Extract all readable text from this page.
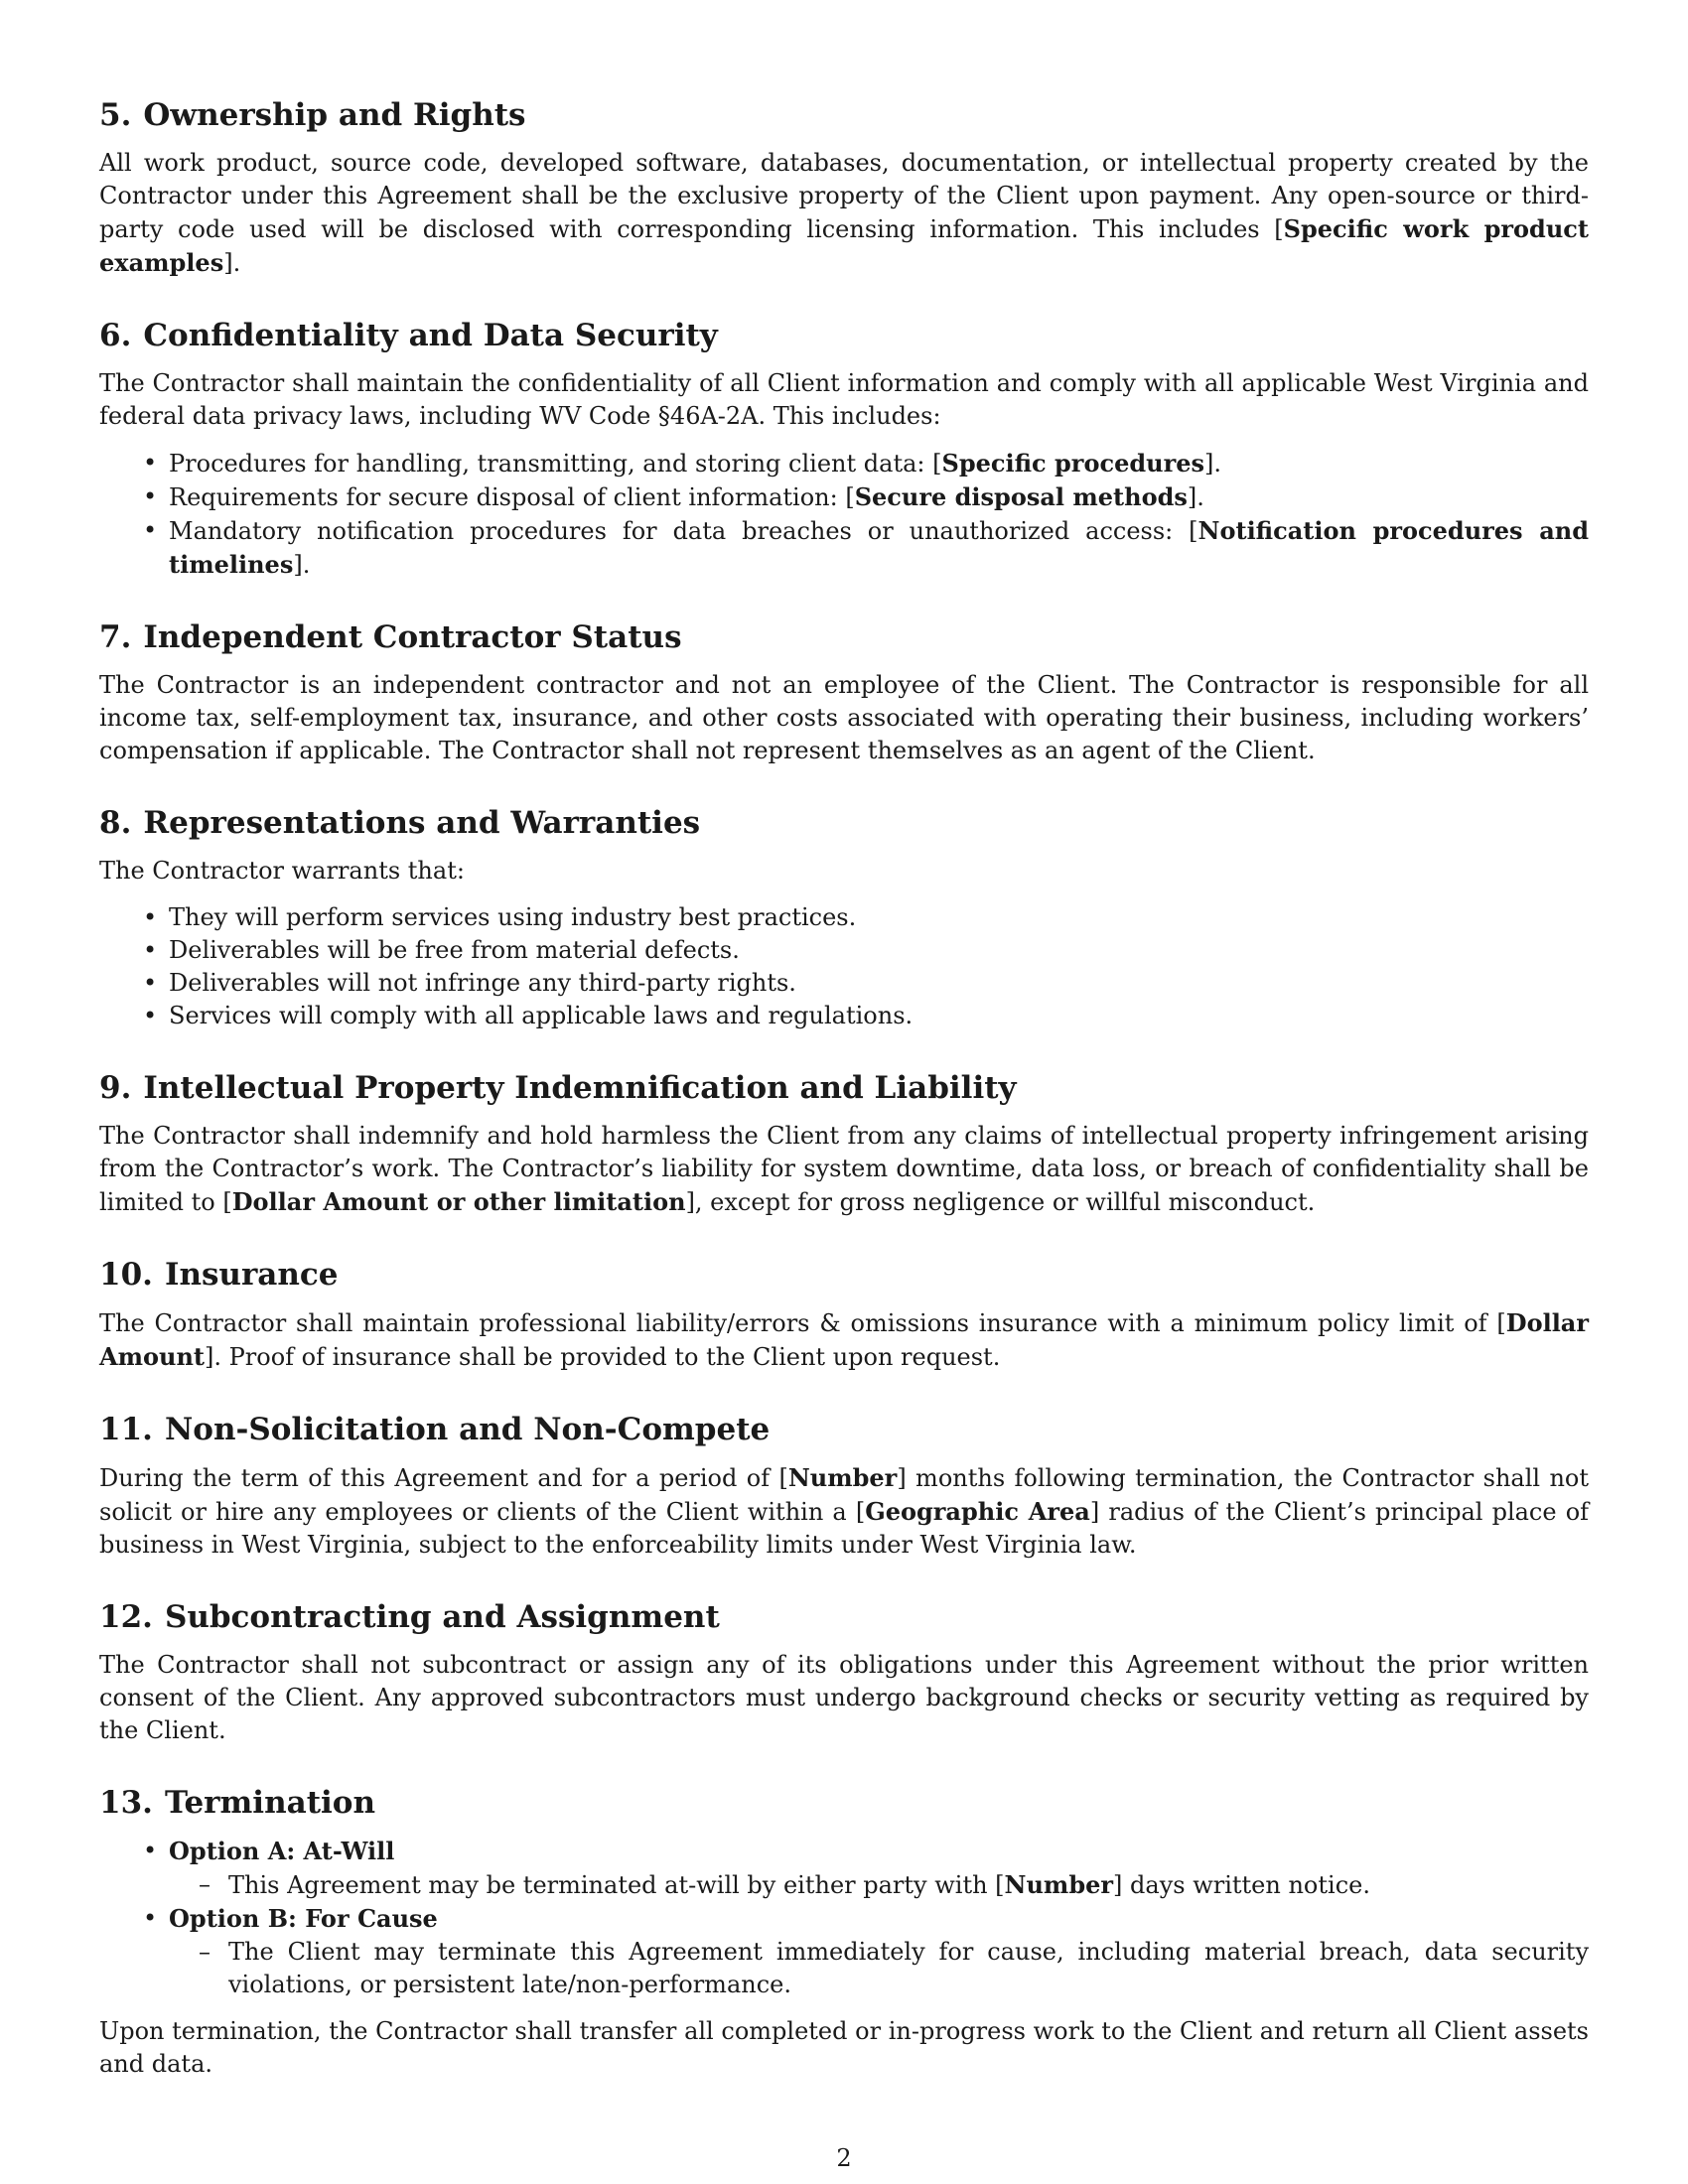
5. Ownership and Rights

All work product, source code, developed software, databases, documentation, or intellectual property created by the Contractor under this Agreement shall be the exclusive property of the Client upon payment. Any open-source or third-party code used will be disclosed with corresponding licensing information. This includes [Specific work product examples].

6. Confidentiality and Data Security

The Contractor shall maintain the confidentiality of all Client information and comply with all applicable West Virginia and federal data privacy laws, including WV Code §46A-2A. This includes:

• Procedures for handling, transmitting, and storing client data: [Specific procedures].
• Requirements for secure disposal of client information: [Secure disposal methods].
• Mandatory notification procedures for data breaches or unauthorized access: [Notification procedures and timelines].
7. Independent Contractor Status

The Contractor is an independent contractor and not an employee of the Client. The Contractor is responsible for all income tax, self-employment tax, insurance, and other costs associated with operating their business, including workers’ compensation if applicable. The Contractor shall not represent themselves as an agent of the Client.

8. Representations and Warranties

The Contractor warrants that:

• They will perform services using industry best practices.
• Deliverables will be free from material defects.
• Deliverables will not infringe any third-party rights.
• Services will comply with all applicable laws and regulations.
9. Intellectual Property Indemnification and Liability

The Contractor shall indemnify and hold harmless the Client from any claims of intellectual property infringement arising from the Contractor’s work. The Contractor’s liability for system downtime, data loss, or breach of confidentiality shall be limited to [Dollar Amount or other limitation], except for gross negligence or willful misconduct.

10. Insurance

The Contractor shall maintain professional liability/errors & omissions insurance with a minimum policy limit of [Dollar Amount]. Proof of insurance shall be provided to the Client upon request.

11. Non-Solicitation and Non-Compete

During the term of this Agreement and for a period of [Number] months following termination, the Contractor shall not solicit or hire any employees or clients of the Client within a [Geographic Area] radius of the Client’s principal place of business in West Virginia, subject to the enforceability limits under West Virginia law.

12. Subcontracting and Assignment

The Contractor shall not subcontract or assign any of its obligations under this Agreement without the prior written consent of the Client. Any approved subcontractors must undergo background checks or security vetting as required by the Client.

13. Termination
• Option A: At-Will
– This Agreement may be terminated at-will by either party with [Number] days written notice.
• Option B: For Cause
– The Client may terminate this Agreement immediately for cause, including material breach, data security violations, or persistent late/non-performance.

Upon termination, the Contractor shall transfer all completed or in-progress work to the Client and return all Client assets and data.

2
